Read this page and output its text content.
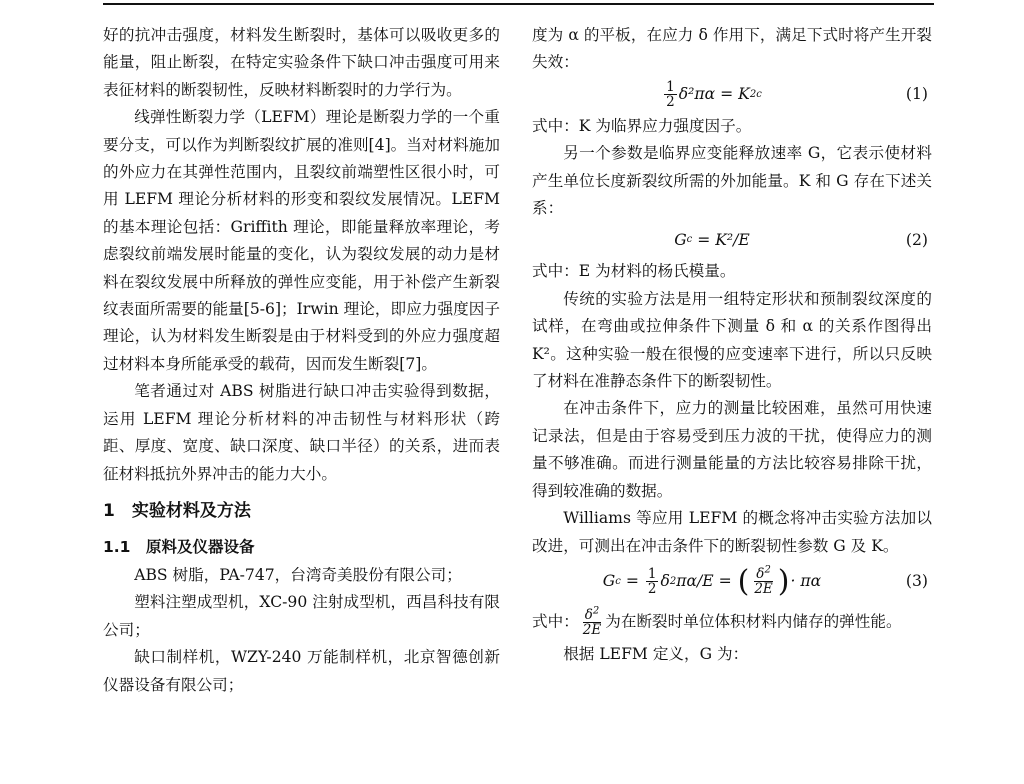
好的抗冲击强度，材料发生断裂时，基体可以吸收更多的能量，阻止断裂，在特定实验条件下缺口冲击强度可用来表征材料的断裂韧性，反映材料断裂时的力学行为。

线弹性断裂力学（LEFM）理论是断裂力学的一个重要分支，可以作为判断裂纹扩展的准则[4]。当对材料施加的外应力在其弹性范围内，且裂纹前端塑性区很小时，可用 LEFM 理论分析材料的形变和裂纹发展情况。LEFM 的基本理论包括：Griffith 理论，即能量释放率理论，考虑裂纹前端发展时能量的变化，认为裂纹发展的动力是材料在裂纹发展中所释放的弹性应变能，用于补偿产生新裂纹表面所需要的能量[5-6]；Irwin 理论，即应力强度因子理论，认为材料发生断裂是由于材料受到的外应力强度超过材料本身所能承受的载荷，因而发生断裂[7]。

笔者通过对 ABS 树脂进行缺口冲击实验得到数据，运用 LEFM 理论分析材料的冲击韧性与材料形状（跨距、厚度、宽度、缺口深度、缺口半径）的关系，进而表征材料抵抗外界冲击的能力大小。

1　实验材料及方法
1.1　原料及仪器设备

ABS 树脂，PA-747，台湾奇美股份有限公司；

塑料注塑成型机，XC-90 注射成型机，西昌科技有限公司；

缺口制样机，WZY-240 万能制样机，北京智德创新仪器设备有限公司；

度为 α 的平板，在应力 δ 作用下，满足下式时将产生开裂失效：

$\frac{1}{2} \delta^2\pi\alpha = K$ 2 c	(1)

式中：K 为临界应力强度因子。

另一个参数是临界应变能释放速率 G，它表示使材料产生单位长度新裂纹所需的外加能量。K 和 G 存在下述关系：

G c
= K²/E	(2)

式中：E 为材料的杨氏模量。

传统的实验方法是用一组特定形状和预制裂纹深度的试样，在弯曲或拉伸条件下测量 δ 和 α 的关系作图得出 K²。这种实验一般在很慢的应变速率下进行，所以只反映了材料在准静态条件下的断裂韧性。

在冲击条件下，应力的测量比较困难，虽然可用快速记录法，但是由于容易受到压力波的干扰，使得应力的测量不够准确。而进行测量能量的方法比较容易排除干扰，得到较准确的数据。

Williams 等应用 LEFM 的概念将冲击实验方法加以改进，可测出在冲击条件下的断裂韧性参数 G 及 K。

G $c = \frac{1}{2}$ δ 2 πα/E = ( $\frac{\delta^2}{2E}$ ) · πα	(3)

式中： $\frac{\delta^2}{2E}$ 为在断裂时单位体积材料内储存的弹性能。

根据 LEFM 定义，G 为：
